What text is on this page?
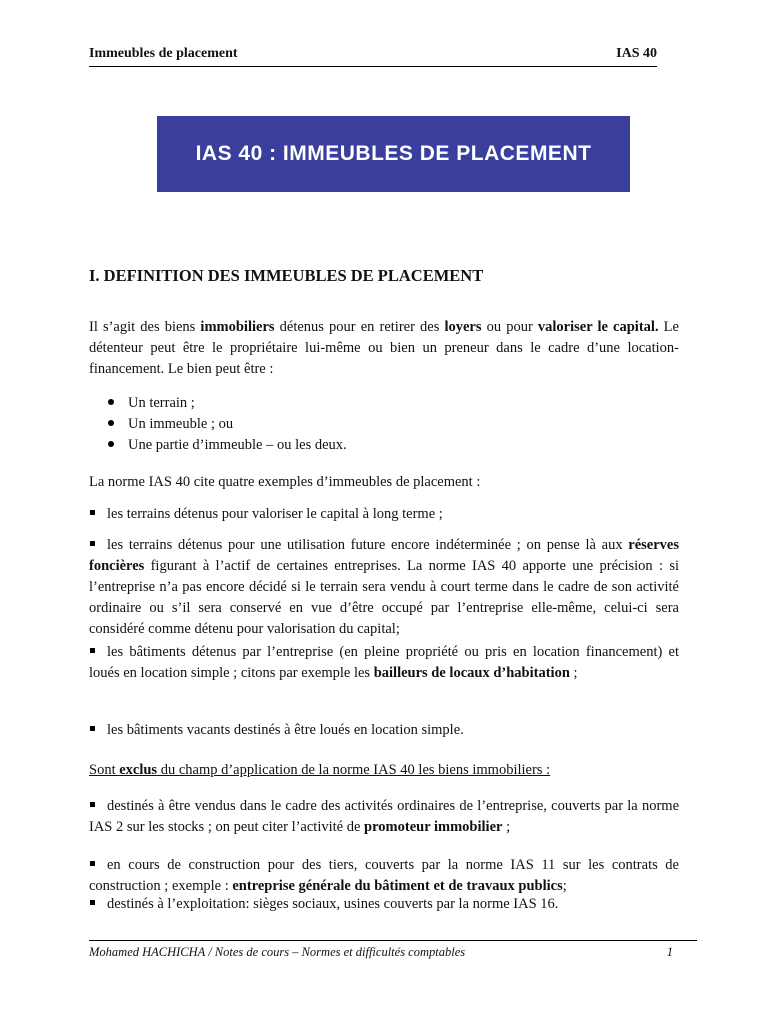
Immeubles de placement	IAS 40
IAS 40 : IMMEUBLES DE PLACEMENT
I. DEFINITION DES IMMEUBLES DE PLACEMENT
Il s’agit des biens immobiliers détenus pour en retirer des loyers ou pour valoriser le capital. Le détenteur peut être le propriétaire lui-même ou bien un preneur dans le cadre d’une location-financement. Le bien peut être :
Un terrain ;
Un immeuble ; ou
Une partie d’immeuble – ou les deux.
La norme IAS 40 cite quatre exemples d’immeubles de placement :
les terrains détenus pour valoriser le capital à long terme ;
les terrains détenus pour une utilisation future encore indéterminée ; on pense là aux réserves foncières figurant à l’actif de certaines entreprises. La norme IAS 40 apporte une précision : si l’entreprise n’a pas encore décidé si le terrain sera vendu à court terme dans le cadre de son activité ordinaire ou s’il sera conservé en vue d’être occupé par l’entreprise elle-même, celui-ci sera considéré comme détenu pour valorisation du capital;
les bâtiments détenus par l’entreprise (en pleine propriété ou pris en location financement) et loués en location simple ; citons par exemple les bailleurs de locaux d’habitation ;
les bâtiments vacants destinés à être loués en location simple.
Sont exclus du champ d’application de la norme IAS 40 les biens immobiliers :
destinés à être vendus dans le cadre des activités ordinaires de l’entreprise, couverts par la norme IAS 2 sur les stocks ; on peut citer l’activité de promoteur immobilier ;
en cours de construction pour des tiers, couverts par la norme IAS 11 sur les contrats de construction ; exemple : entreprise générale du bâtiment et de travaux publics;
destinés à l’exploitation: sièges sociaux, usines couverts par la norme IAS 16.
Mohamed HACHICHA / Notes de cours – Normes et difficultés comptables	1
